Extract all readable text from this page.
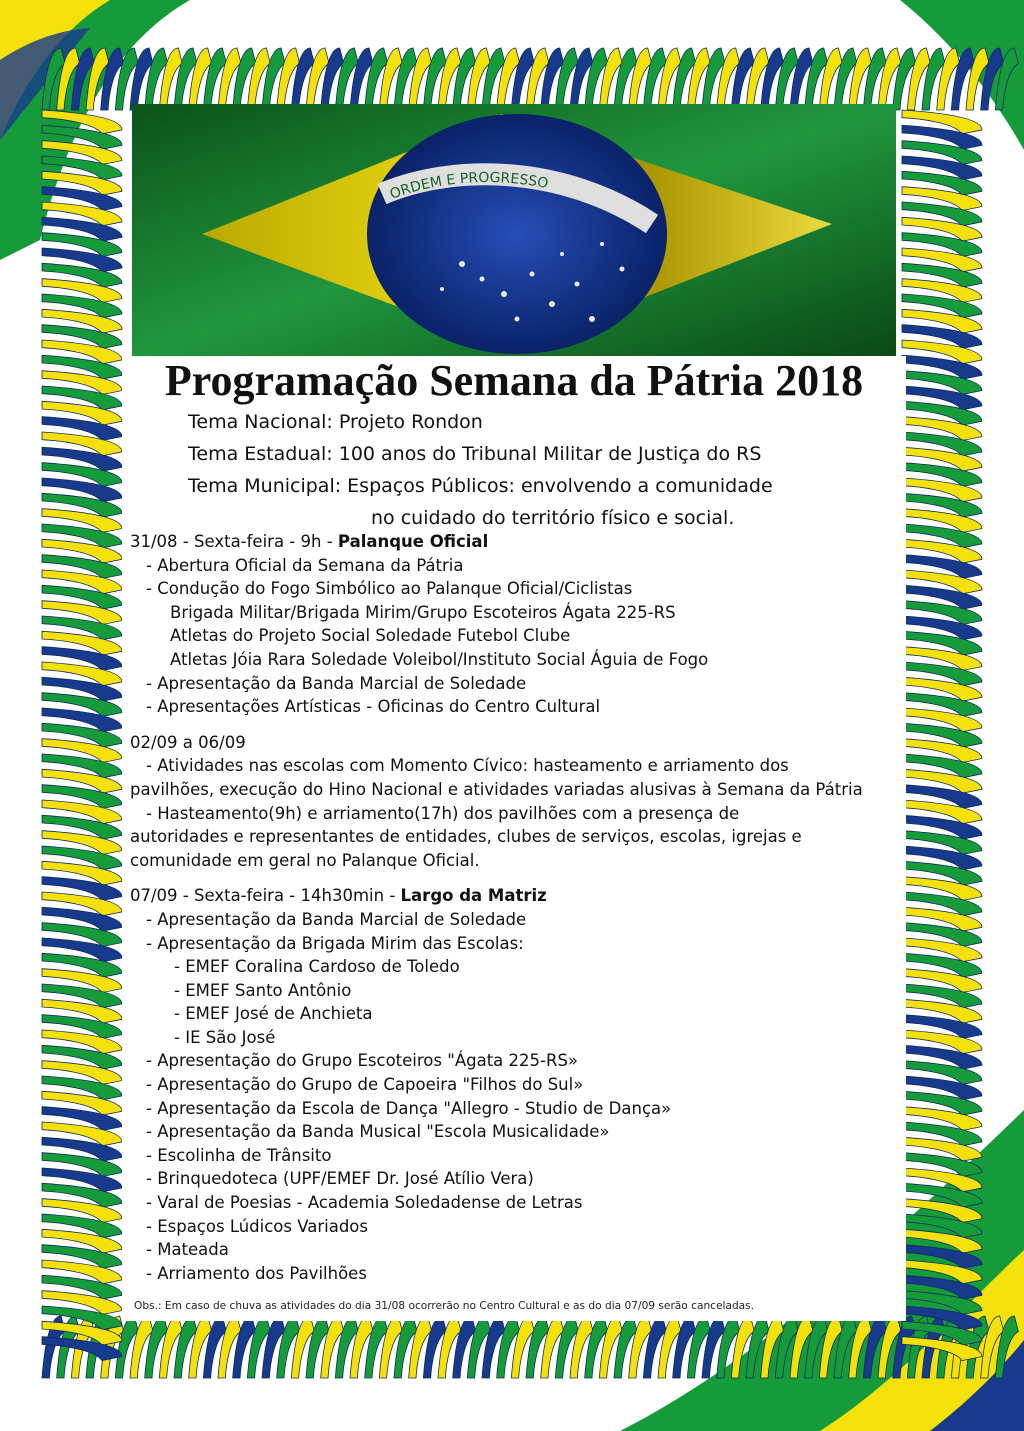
ORDEM E PROGRESSO
Programação Semana da Pátria 2018
Tema Nacional: Projeto Rondon
Tema Estadual: 100 anos do Tribunal Militar de Justiça do RS
Tema Municipal: Espaços Públicos: envolvendo a comunidade
no cuidado do território físico e social.
31/08 - Sexta-feira - 9h - Palanque Oficial
- Abertura Oficial da Semana da Pátria
- Condução do Fogo Simbólico ao Palanque Oficial/Ciclistas
Brigada Militar/Brigada Mirim/Grupo Escoteiros Ágata 225-RS
Atletas do Projeto Social Soledade Futebol Clube
Atletas Jóia Rara Soledade Voleibol/Instituto Social Águia de Fogo
- Apresentação da Banda Marcial de Soledade
- Apresentações Artísticas - Oficinas do Centro Cultural
02/09 a 06/09
- Atividades nas escolas com Momento Cívico: hasteamento e arriamento dos
pavilhões, execução do Hino Nacional e atividades variadas alusivas à Semana da Pátria
- Hasteamento(9h) e arriamento(17h) dos pavilhões com a presença de
autoridades e representantes de entidades, clubes de serviços, escolas, igrejas e
comunidade em geral no Palanque Oficial.
07/09 - Sexta-feira - 14h30min - Largo da Matriz
- Apresentação da Banda Marcial de Soledade
- Apresentação da Brigada Mirim das Escolas:
- EMEF Coralina Cardoso de Toledo
- EMEF Santo Antônio
- EMEF José de Anchieta
- IE São José
- Apresentação do Grupo Escoteiros "Ágata 225-RS»
- Apresentação do Grupo de Capoeira "Filhos do Sul»
- Apresentação da Escola de Dança "Allegro - Studio de Dança»
- Apresentação da Banda Musical "Escola Musicalidade»
- Escolinha de Trânsito
- Brinquedoteca (UPF/EMEF Dr. José Atílio Vera)
- Varal de Poesias - Academia Soledadense de Letras
- Espaços Lúdicos Variados
- Mateada
- Arriamento dos Pavilhões
Obs.: Em caso de chuva as atividades do dia 31/08 ocorrerão no Centro Cultural e as do dia 07/09 serão canceladas.
